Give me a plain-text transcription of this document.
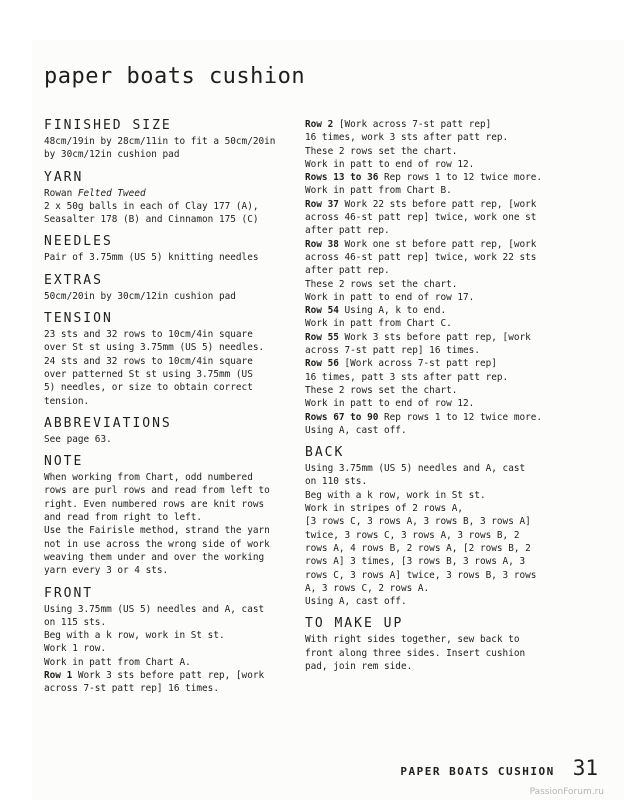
paper boats cushion
FINISHED SIZE
48cm/19in by 28cm/11in to fit a 50cm/20in
by 30cm/12in cushion pad
YARN
Rowan Felted Tweed
2 x 50g balls in each of Clay 177 (A),
Seasalter 178 (B) and Cinnamon 175 (C)
NEEDLES
Pair of 3.75mm (US 5) knitting needles
EXTRAS
50cm/20in by 30cm/12in cushion pad
TENSION
23 sts and 32 rows to 10cm/4in square
over St st using 3.75mm (US 5) needles.
24 sts and 32 rows to 10cm/4in square
over patterned St st using 3.75mm (US
5) needles, or size to obtain correct
tension.
ABBREVIATIONS
See page 63.
NOTE
When working from Chart, odd numbered
rows are purl rows and read from left to
right. Even numbered rows are knit rows
and read from right to left.
Use the Fairisle method, strand the yarn
not in use across the wrong side of work
weaving them under and over the working
yarn every 3 or 4 sts.
FRONT
Using 3.75mm (US 5) needles and A, cast
on 115 sts.
Beg with a k row, work in St st.
Work 1 row.
Work in patt from Chart A.
Row 1 Work 3 sts before patt rep, [work
across 7-st patt rep] 16 times.
Row 2 [Work across 7-st patt rep]
16 times, work 3 sts after patt rep.
These 2 rows set the chart.
Work in patt to end of row 12.
Rows 13 to 36 Rep rows 1 to 12 twice more.
Work in patt from Chart B.
Row 37 Work 22 sts before patt rep, [work
across 46-st patt rep] twice, work one st
after patt rep.
Row 38 Work one st before patt rep, [work
across 46-st patt rep] twice, work 22 sts
after patt rep.
These 2 rows set the chart.
Work in patt to end of row 17.
Row 54 Using A, k to end.
Work in patt from Chart C.
Row 55 Work 3 sts before patt rep, [work
across 7-st patt rep] 16 times.
Row 56 [Work across 7-st patt rep]
16 times, patt 3 sts after patt rep.
These 2 rows set the chart.
Work in patt to end of row 12.
Rows 67 to 90 Rep rows 1 to 12 twice more.
Using A, cast off.
BACK
Using 3.75mm (US 5) needles and A, cast
on 110 sts.
Beg with a k row, work in St st.
Work in stripes of 2 rows A,
[3 rows C, 3 rows A, 3 rows B, 3 rows A]
twice, 3 rows C, 3 rows A, 3 rows B, 2
rows A, 4 rows B, 2 rows A, [2 rows B, 2
rows A] 3 times, [3 rows B, 3 rows A, 3
rows C, 3 rows A] twice, 3 rows B, 3 rows
A, 3 rows C, 2 rows A.
Using A, cast off.
TO MAKE UP
With right sides together, sew back to
front along three sides. Insert cushion
pad, join rem side.
PAPER BOATS CUSHION 31
PassionForum.ru
